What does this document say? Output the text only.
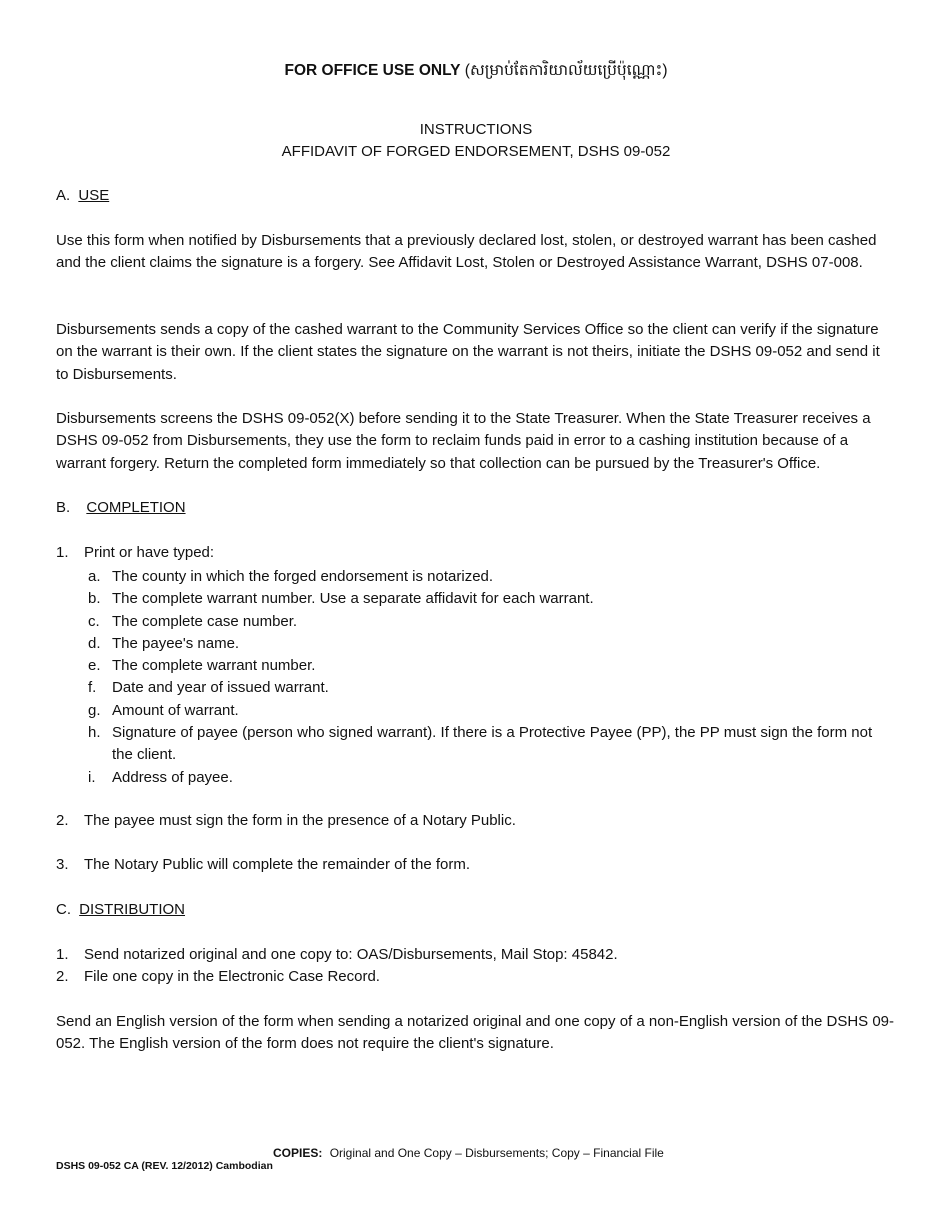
FOR OFFICE USE ONLY (សម្រាប់តែការិយាល័យប្រើប៉ុណ្ណោះ)
INSTRUCTIONS
AFFIDAVIT OF FORGED ENDORSEMENT, DSHS 09-052
A. USE

Use this form when notified by Disbursements that a previously declared lost, stolen, or destroyed warrant has been cashed and the client claims the signature is a forgery. See Affidavit Lost, Stolen or Destroyed Assistance Warrant, DSHS 07-008.

Disbursements sends a copy of the cashed warrant to the Community Services Office so the client can verify if the signature on the warrant is their own. If the client states the signature on the warrant is not theirs, initiate the DSHS 09-052 and send it to Disbursements.

Disbursements screens the DSHS 09-052(X) before sending it to the State Treasurer. When the State Treasurer receives a DSHS 09-052 from Disbursements, they use the form to reclaim funds paid in error to a cashing institution because of a warrant forgery. Return the completed form immediately so that collection can be pursued by the Treasurer's Office.

B. COMPLETION
1. Print or have typed:
a. The county in which the forged endorsement is notarized.
b. The complete warrant number. Use a separate affidavit for each warrant.
c. The complete case number.
d. The payee's name.
e. The complete warrant number.
f. Date and year of issued warrant.
g. Amount of warrant.
h. Signature of payee (person who signed warrant). If there is a Protective Payee (PP), the PP must sign the form not the client.
i. Address of payee.
2. The payee must sign the form in the presence of a Notary Public.
3. The Notary Public will complete the remainder of the form.
C. DISTRIBUTION
1. Send notarized original and one copy to: OAS/Disbursements, Mail Stop: 45842.
2. File one copy in the Electronic Case Record.

Send an English version of the form when sending a notarized original and one copy of a non-English version of the DSHS 09-052. The English version of the form does not require the client's signature.

COPIES: Original and One Copy – Disbursements; Copy – Financial File
DSHS 09-052 CA (REV. 12/2012) Cambodian
